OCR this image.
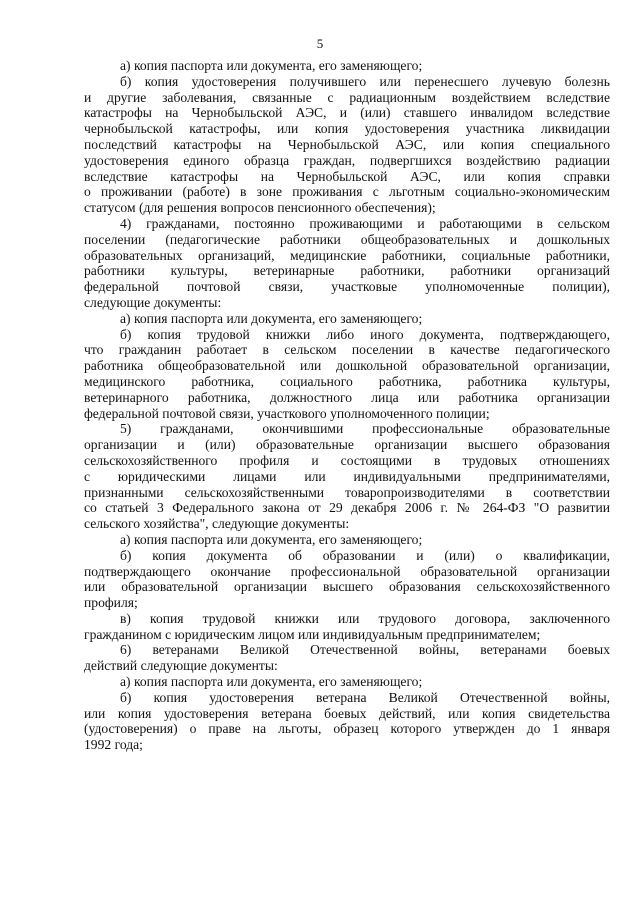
5
а) копия паспорта или документа, его заменяющего;
б) копия удостоверения получившего или перенесшего лучевую болезнь
и другие заболевания, связанные с радиационным воздействием вследствие
катастрофы на Чернобыльской АЭС, и (или) ставшего инвалидом вследствие
чернобыльской катастрофы, или копия удостоверения участника ликвидации
последствий катастрофы на Чернобыльской АЭС, или копия специального
удостоверения единого образца граждан, подвергшихся воздействию радиации
вследствие катастрофы на Чернобыльской АЭС, или копия справки
о проживании (работе) в зоне проживания с льготным социально-экономическим
статусом (для решения вопросов пенсионного обеспечения);
4) гражданами, постоянно проживающими и работающими в сельском
поселении (педагогические работники общеобразовательных и дошкольных
образовательных организаций, медицинские работники, социальные работники,
работники культуры, ветеринарные работники, работники организаций
федеральной почтовой связи, участковые уполномоченные полиции),
следующие документы:
а) копия паспорта или документа, его заменяющего;
б) копия трудовой книжки либо иного документа, подтверждающего,
что гражданин работает в сельском поселении в качестве педагогического
работника общеобразовательной или дошкольной образовательной организации,
медицинского работника, социального работника, работника культуры,
ветеринарного работника, должностного лица или работника организации
федеральной почтовой связи, участкового уполномоченного полиции;
5) гражданами, окончившими профессиональные образовательные
организации и (или) образовательные организации высшего образования
сельскохозяйственного профиля и состоящими в трудовых отношениях
с юридическими лицами или индивидуальными предпринимателями,
признанными сельскохозяйственными товаропроизводителями в соответствии
со статьей 3 Федерального закона от 29 декабря 2006 г. № 264-ФЗ "О развитии
сельского хозяйства", следующие документы:
а) копия паспорта или документа, его заменяющего;
б) копия документа об образовании и (или) о квалификации,
подтверждающего окончание профессиональной образовательной организации
или образовательной организации высшего образования сельскохозяйственного
профиля;
в) копия трудовой книжки или трудового договора, заключенного
гражданином с юридическим лицом или индивидуальным предпринимателем;
6) ветеранами Великой Отечественной войны, ветеранами боевых
действий следующие документы:
а) копия паспорта или документа, его заменяющего;
б) копия удостоверения ветерана Великой Отечественной войны,
или копия удостоверения ветерана боевых действий, или копия свидетельства
(удостоверения) о праве на льготы, образец которого утвержден до 1 января
1992 года;
